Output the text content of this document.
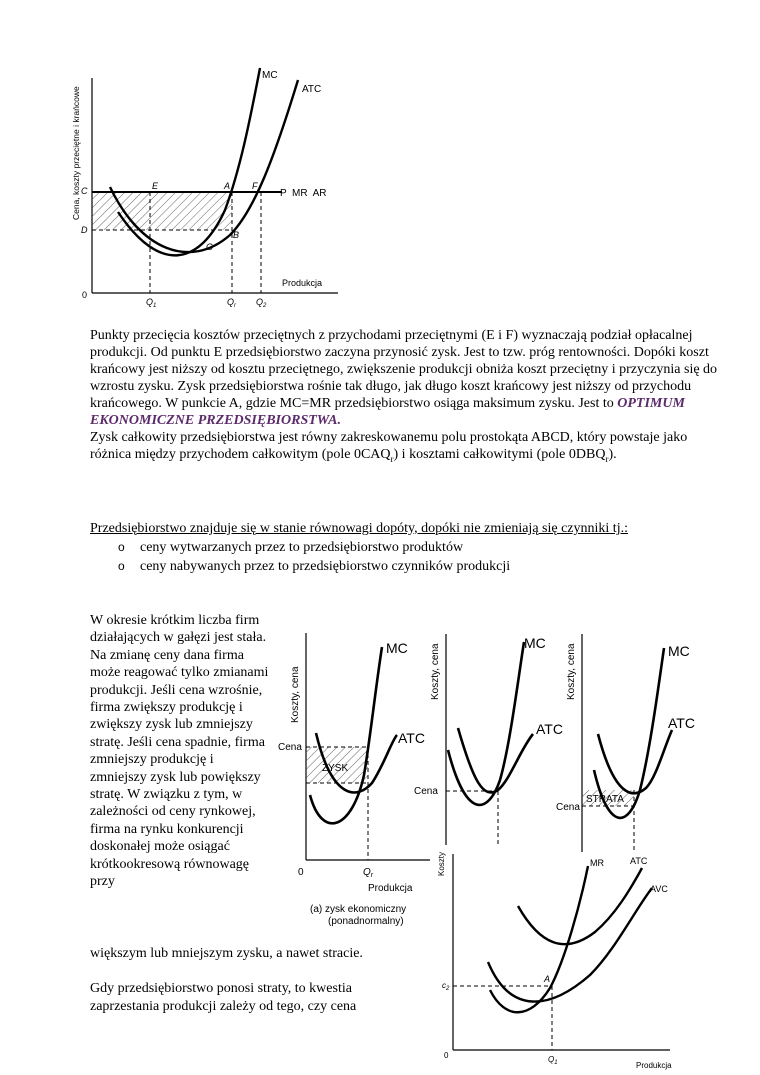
MC
ATC
P  MR  AR
C
D
E	A F
B
G
0
Produkcja
$Q_1$	$Q_r$ $Q_2$
Cena, koszty przeciętne i krańcowe
Punkty przecięcia kosztów przeciętnych z przychodami przeciętnymi (E i F) wyznaczają podział opłacalnej produkcji. Od punktu E przedsiębiorstwo zaczyna przynosić zysk. Jest to tzw. próg rentowności. Dopóki koszt krańcowy jest niższy od kosztu przeciętnego, zwiększenie produkcji obniża koszt przeciętny i przyczynia się do wzrostu zysku. Zysk przedsiębiorstwa rośnie tak długo, jak długo koszt krańcowy jest niższy od przychodu krańcowego. W punkcie A, gdzie MC=MR przedsiębiorstwo osiąga maksimum zysku. Jest to OPTIMUM EKONOMICZNE PRZEDSIĘBIORSTWA.
Zysk całkowity przedsiębiorstwa jest równy zakreskowanemu polu prostokąta ABCD, który powstaje jako różnica między przychodem całkowitym (pole $0CAQ_r$) i kosztami całkowitymi (pole $0DBQ_r$).
Przedsiębiorstwo znajduje się w stanie równowagi dopóty, dopóki nie zmieniają się czynniki tj.:
o ceny wytwarzanych przez to przedsiębiorstwo produktów
o ceny nabywanych przez to przedsiębiorstwo czynników produkcji
W okresie krótkim liczba firm działających w gałęzi jest stała. Na zmianę ceny dana firma może reagować tylko zmianami produkcji. Jeśli cena wzrośnie, firma zwiększy produkcję i zwiększy zysk lub zmniejszy stratę. Jeśli cena spadnie, firma zmniejszy produkcję i zmniejszy zysk lub powiększy stratę. W związku z tym, w zależności od ceny rynkowej, firma na rynku konkurencji doskonałej może osiągać krótkookresową równowagę przy
większym lub mniejszym zysku, a nawet stracie.
Gdy przedsiębiorstwo ponosi straty, to kwestia zaprzestania produkcji zależy od tego, czy cena
MC
ATC
Cena
ZYSK
0	$Q_r$
Produkcja
(a) zysk ekonomiczny
(ponadnormalny)
Koszty, cena
MC
ATC
Cena
Koszty, cena	MC
ATC
STRATA
Cena
Koszty, cena
MR	ATC
AVC
A
$c_2$
0	$Q_1$	Produkcja
Koszty
